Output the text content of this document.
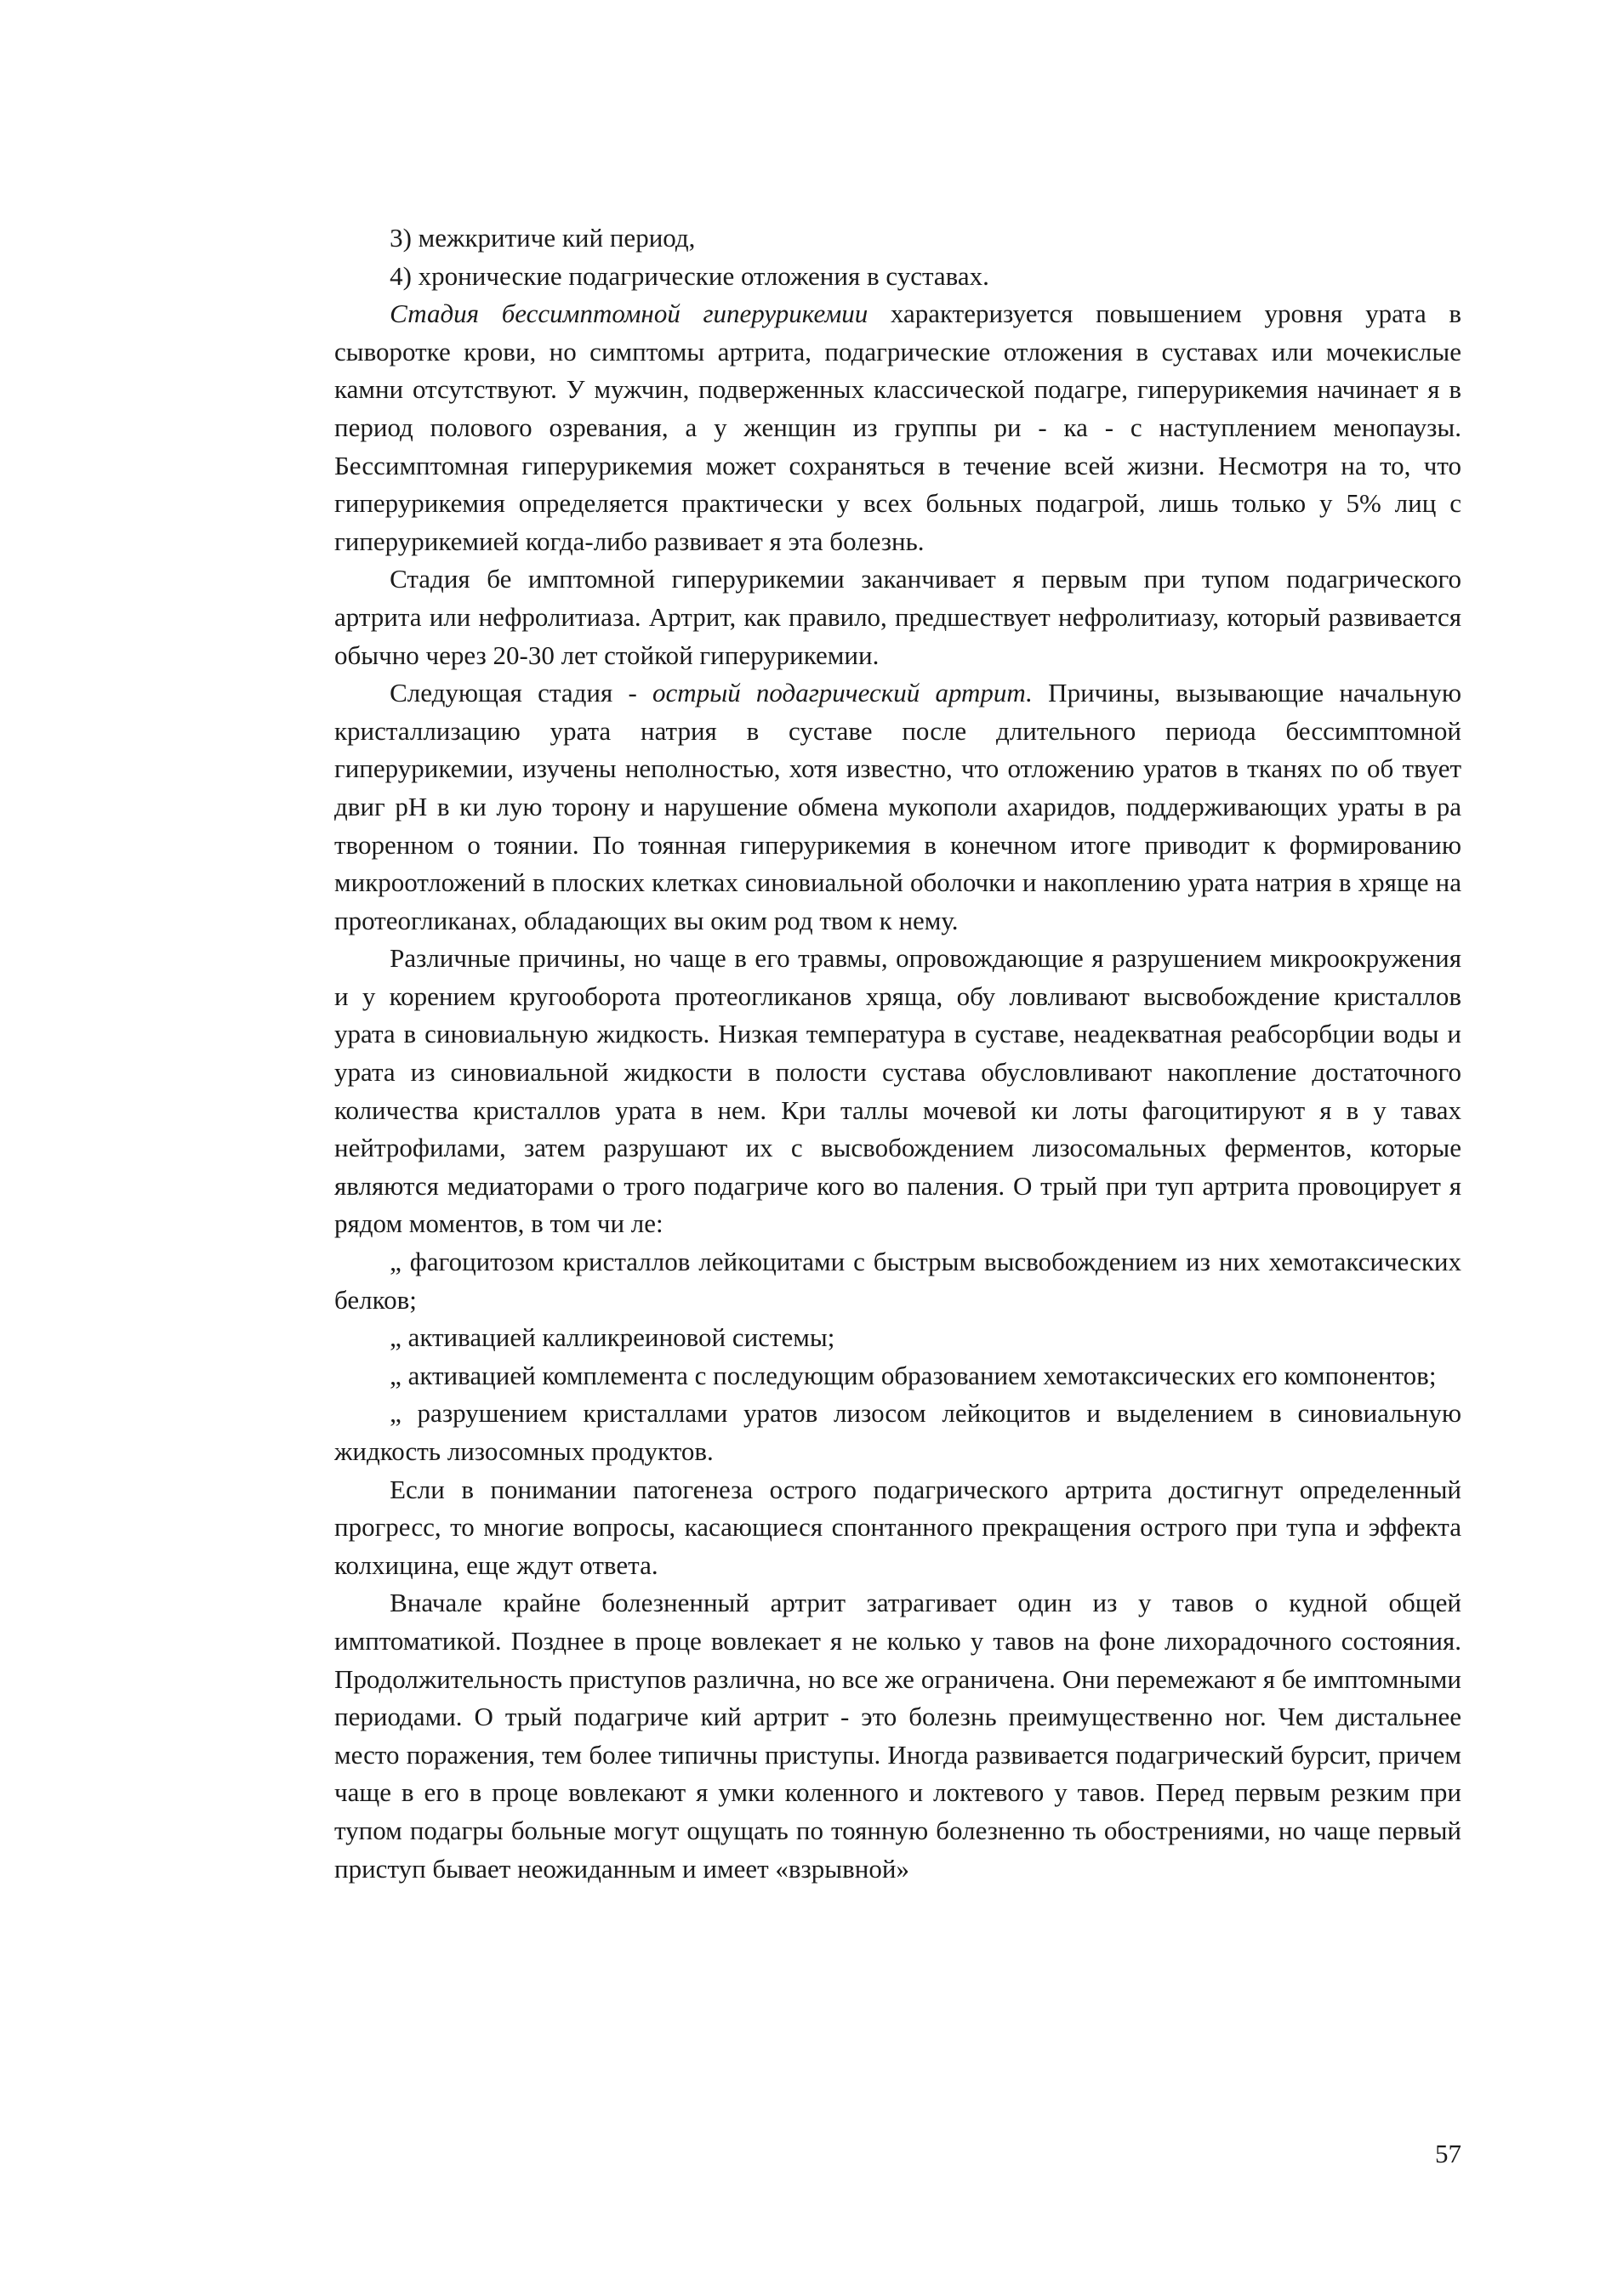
3) межкритиче кий период,

4) хронические подагрические отложения в суставах.

Стадия бессимптомной гиперурикемии характеризуется повышением уровня урата в сыворотке крови, но симптомы артрита, подагрические отложения в суставах или мочекислые камни отсутствуют. У мужчин, подверженных классической подагре, гиперурикемия начинает я в период полового озревания, а у женщин из группы ри - ка - с наступлением менопаузы. Бессимптомная гиперурикемия может сохраняться в течение всей жизни. Несмотря на то, что гиперурикемия определяется практически у всех больных подагрой, лишь только у 5% лиц с гиперурикемией когда-либо развивает я эта болезнь.

Стадия бе имптомной гиперурикемии заканчивает я первым при тупом подагрического артрита или нефролитиаза. Артрит, как правило, предшествует нефролитиазу, который развивается обычно через 20-30 лет стойкой гиперурикемии.

Следующая стадия - острый подагрический артрит. Причины, вызывающие начальную кристаллизацию урата натрия в суставе после длительного периода бессимптомной гиперурикемии, изучены неполностью, хотя известно, что отложению уратов в тканях по об твует двиг pH в ки лую торону и нарушение обмена мукополи ахаридов, поддерживающих ураты в ра творенном о тоянии. По тоянная гиперурикемия в конечном итоге приводит к формированию микроотложений в плоских клетках синовиальной оболочки и накоплению урата натрия в хряще на протеогликанах, обладающих вы оким род твом к нему.

Различные причины, но чаще в его травмы, опровождающие я разрушением микроокружения и у корением кругооборота протеогликанов хряща, обу ловливают высвобождение кристаллов урата в синовиальную жидкость. Низкая температура в суставе, неадекватная реабсорбции воды и урата из синовиальной жидкости в полости сустава обусловливают накопление достаточного количества кристаллов урата в нем. Кри таллы мочевой ки лоты фагоцитируют я в у тавах нейтрофилами, затем разрушают их с высвобождением лизосомальных ферментов, которые являются медиаторами о трого подагриче кого во паления. О трый при туп артрита провоцирует я рядом моментов, в том чи ле:

„ фагоцитозом кристаллов лейкоцитами с быстрым высвобождением из них хемотаксических белков;

„ активацией калликреиновой системы;

„ активацией комплемента с последующим образованием хемотаксических его компонентов;

„ разрушением кристаллами уратов лизосом лейкоцитов и выделением в синовиальную жидкость лизосомных продуктов.

Если в понимании патогенеза острого подагрического артрита достигнут определенный прогресс, то многие вопросы, касающиеся спонтанного прекращения острого при тупа и эффекта колхицина, еще ждут ответа.

Вначале крайне болезненный артрит затрагивает один из у тавов о кудной общей имптоматикой. Позднее в проце вовлекает я не колько у тавов на фоне лихорадочного состояния. Продолжительность приступов различна, но все же ограничена. Они перемежают я бе имптомными периодами. О трый подагриче кий артрит - это болезнь преимущественно ног. Чем дистальнее место поражения, тем более типичны приступы. Иногда развивается подагрический бурсит, причем чаще в его в проце вовлекают я умки коленного и локтевого у тавов. Перед первым резким при тупом подагры больные могут ощущать по тоянную болезненно ть обострениями, но чаще первый приступ бывает неожиданным и имеет «взрывной»

57
